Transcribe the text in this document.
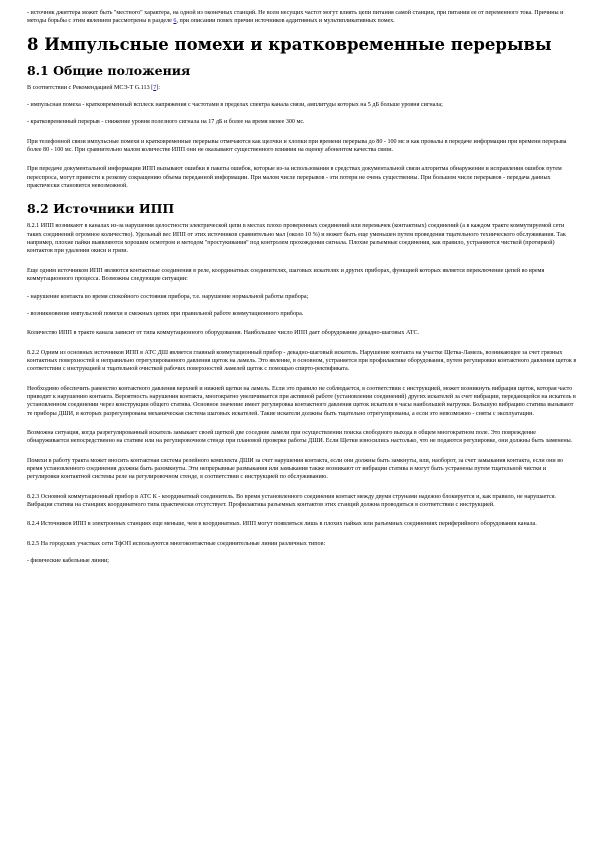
- источник джиттера может быть "местного" характера, на одной из оконечных станций. Не всем несущих частот могут влиять цепи питания самой станции, при питании ее от переменного тока. Причины и методы борьбы с этим явлением рассмотрены в разделе 6, при описании помех причин источников аддитивных и мультипликативных помех.

8 Импульсные помехи и кратковременные перерывы
8.1 Общие положения

В соответствии с Рекомендацией МСЭ-Т G.113 [7]:

- импульсная помеха - кратковременный всплеск напряжения с частотами в пределах спектра канала связи, амплитуды которых на 5 дБ больше уровня сигнала;

- кратковременный перерыв - снижение уровня полезного сигнала на 17 дБ и более на время менее 300 мс.

При телефонной связи импульсные помехи и кратковременные перерывы отмечаются как щелчки и хлопки при времени перерыва до 80 - 100 мс и как провалы в передаче информации при времени перерыва более 80 - 100 мс. При сравнительно малом количестве ИПП они не оказывают существенного влияния на оценку абонентом качества связи.

При передаче документальной информации ИПП вызывают ошибки в пакеты ошибок, которые из-за использования в средствах документальной связи алгоритма обнаружения и исправления ошибок путем переспроса, могут привести к резкому сокращению объема переданной информации. При малом числе перерывов - эти потери не очень существенны. При большом числе перерывов - передача данных практически становится невозможной.

8.2 Источники ИПП

8.2.1 ИПП возникают в каналах из-за нарушения целостности электрической цепи в местах плохо проверенных соединений или перемычек (контактных) соединений (а в каждом тракте коммутируемой сети таких соединений огромное количество). Удельный вес ИПП от этих источников сравнительно мал (около 10 %) и может быть еще уменьшен путем проведения тщательного технического обслуживания. Так например, плохие пайки выявляются хорошим осмотром и методом "простукивания" под контролем прохождения сигнала. Плохие разъемные соединения, как правило, устраняются чисткой (протиркой) контактов при удалении окиси и грязи.

Еще одним источником ИПП являются контактные соединения в реле, координатных соединителях, шаговых искателях и других приборах, функцией которых является переключение цепей во время коммутационного процесса. Возможны следующие ситуации:

- нарушение контакта во время спокойного состояния прибора, т.е. нарушение нормальной работы прибора;

- возникновение импульсной помехи в смежных цепях при правильной работе коммутационного прибора.

Количество ИПП в тракте канала зависит от типа коммутационного оборудования. Наибольшее число ИПП дает оборудование декадно-шаговых АТС.

8.2.2 Одним из основных источников ИПП в АТС ДШ является главный коммутационный прибор - декадно-шаговый искатель. Нарушение контакта на участке Щетка-Ламель, возникающее за счет грязных контактных поверхностей и неправильно отрегулированного давления щеток на ламель. Это явление, в основном, устраняется при профилактике оборудования, путем регулировки контактного давления щеток в соответствии с инструкцией и тщательной очисткой рабочих поверхностей ламелей щеток с помощью спирто-ректификата.

Необходимо обеспечить равенство контактного давления верхней и нижней щетки на ламель. Если это правило не соблюдается, в соответствии с инструкцией, может возникнуть вибрация щеток, которая часто приводит к нарушению контакта. Вероятность нарушения контакта, многократно увеличивается при активной работе (установлении соединений) других искателей за счет вибрации, передающейся на искатель в установленном соединении через конструкции общего статива. Основное значение имеет регулировка контактного давления щеток искателя в часы наибольшей нагрузки. Большую вибрацию статива вызывают те приборы ДШИ, в которых разрегулирована механическая система шаговых искателей. Такие искатели должны быть тщательно отрегулированы, а если это невозможно - сняты с эксплуатации.

Возможна ситуация, когда разрегулированный искатель замыкает своей щеткой две соседние ламели при осуществлении поиска свободного выхода в общем многократном поле. Это повреждение обнаруживается непосредственно на стативе или на регулировочном стенде при плановой проверке работы ДШИ. Если Щетки износились настолько, что не подаются регулировке, они должны быть заменены.

Помехи в работу тракта может вносить контактная система релейного комплекта ДШИ за счет нарушения контакта, если они должны быть замкнуты, или, наоборот, за счет замыкания контакта, если они во время установленного соединения должны быть разомкнуты. Эти непрерывные размыкания или замыкания также возникают от вибрации статива и могут быть устранены путем тщательной чистки и регулировки контактной системы реле на регулировочном стенде, в соответствии с инструкцией по обслуживанию.

8.2.3 Основной коммутационный прибор в АТС К - координатный соединитель. Во время установленного соединения контакт между двумя струнами надежно блокируется и, как правило, не нарушается. Вибрация статива на станциях координатного типа практически отсутствует. Профилактика разъемных контактов этих станций должна проводиться в соответствии с инструкцией.

8.2.4 Источников ИПП в электронных станциях еще меньше, чем в координатных. ИПП могут появляться лишь в плохих пайках или разъемных соединениях периферийного оборудования канала.

8.2.5 На городских участках сети ТфОП используются многоконтактные соединительные линии различных типов:

- физические кабельные линии;
